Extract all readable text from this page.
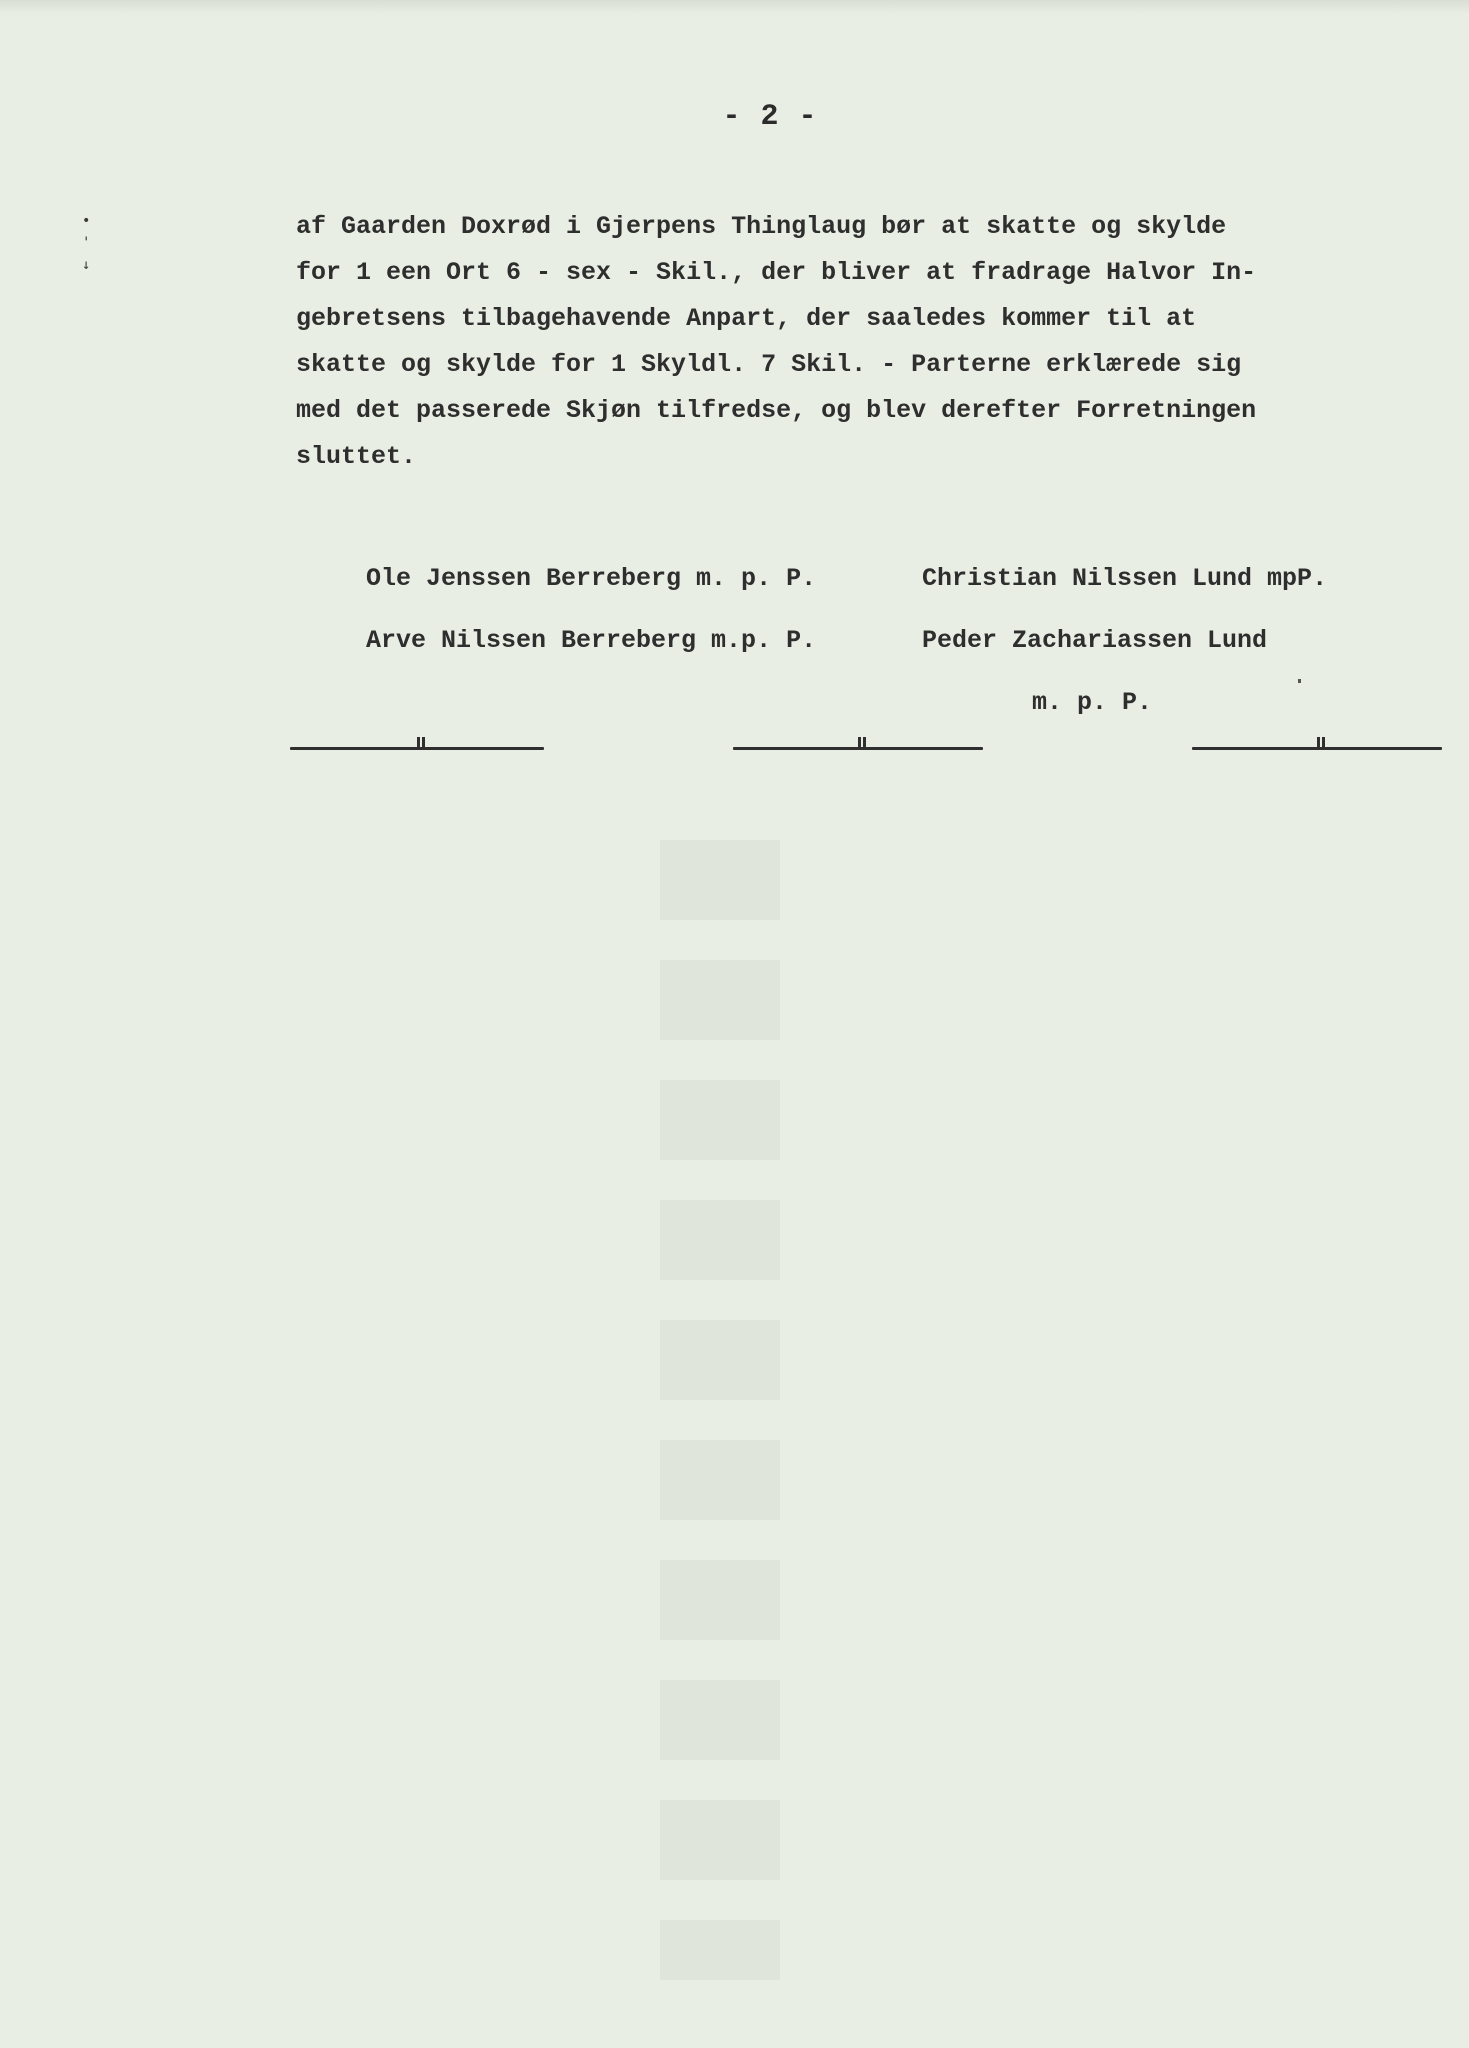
- 2 -
•
'
↓
af Gaarden Doxrød i Gjerpens Thinglaug bør at skatte og skylde
for 1 een Ort 6 - sex - Skil., der bliver at fradrage Halvor In-
gebretsens tilbagehavende Anpart, der saaledes kommer til at
skatte og skylde for 1 Skyldl. 7 Skil. - Parterne erklærede sig
med det passerede Skjøn tilfredse, og blev derefter Forretningen
sluttet.

Ole Jenssen Berreberg m. p. P.

	Christian Nilssen Lund mpP.

Arve Nilssen Berreberg m.p. P.

	Peder Zachariassen Lund

m. p. P.
